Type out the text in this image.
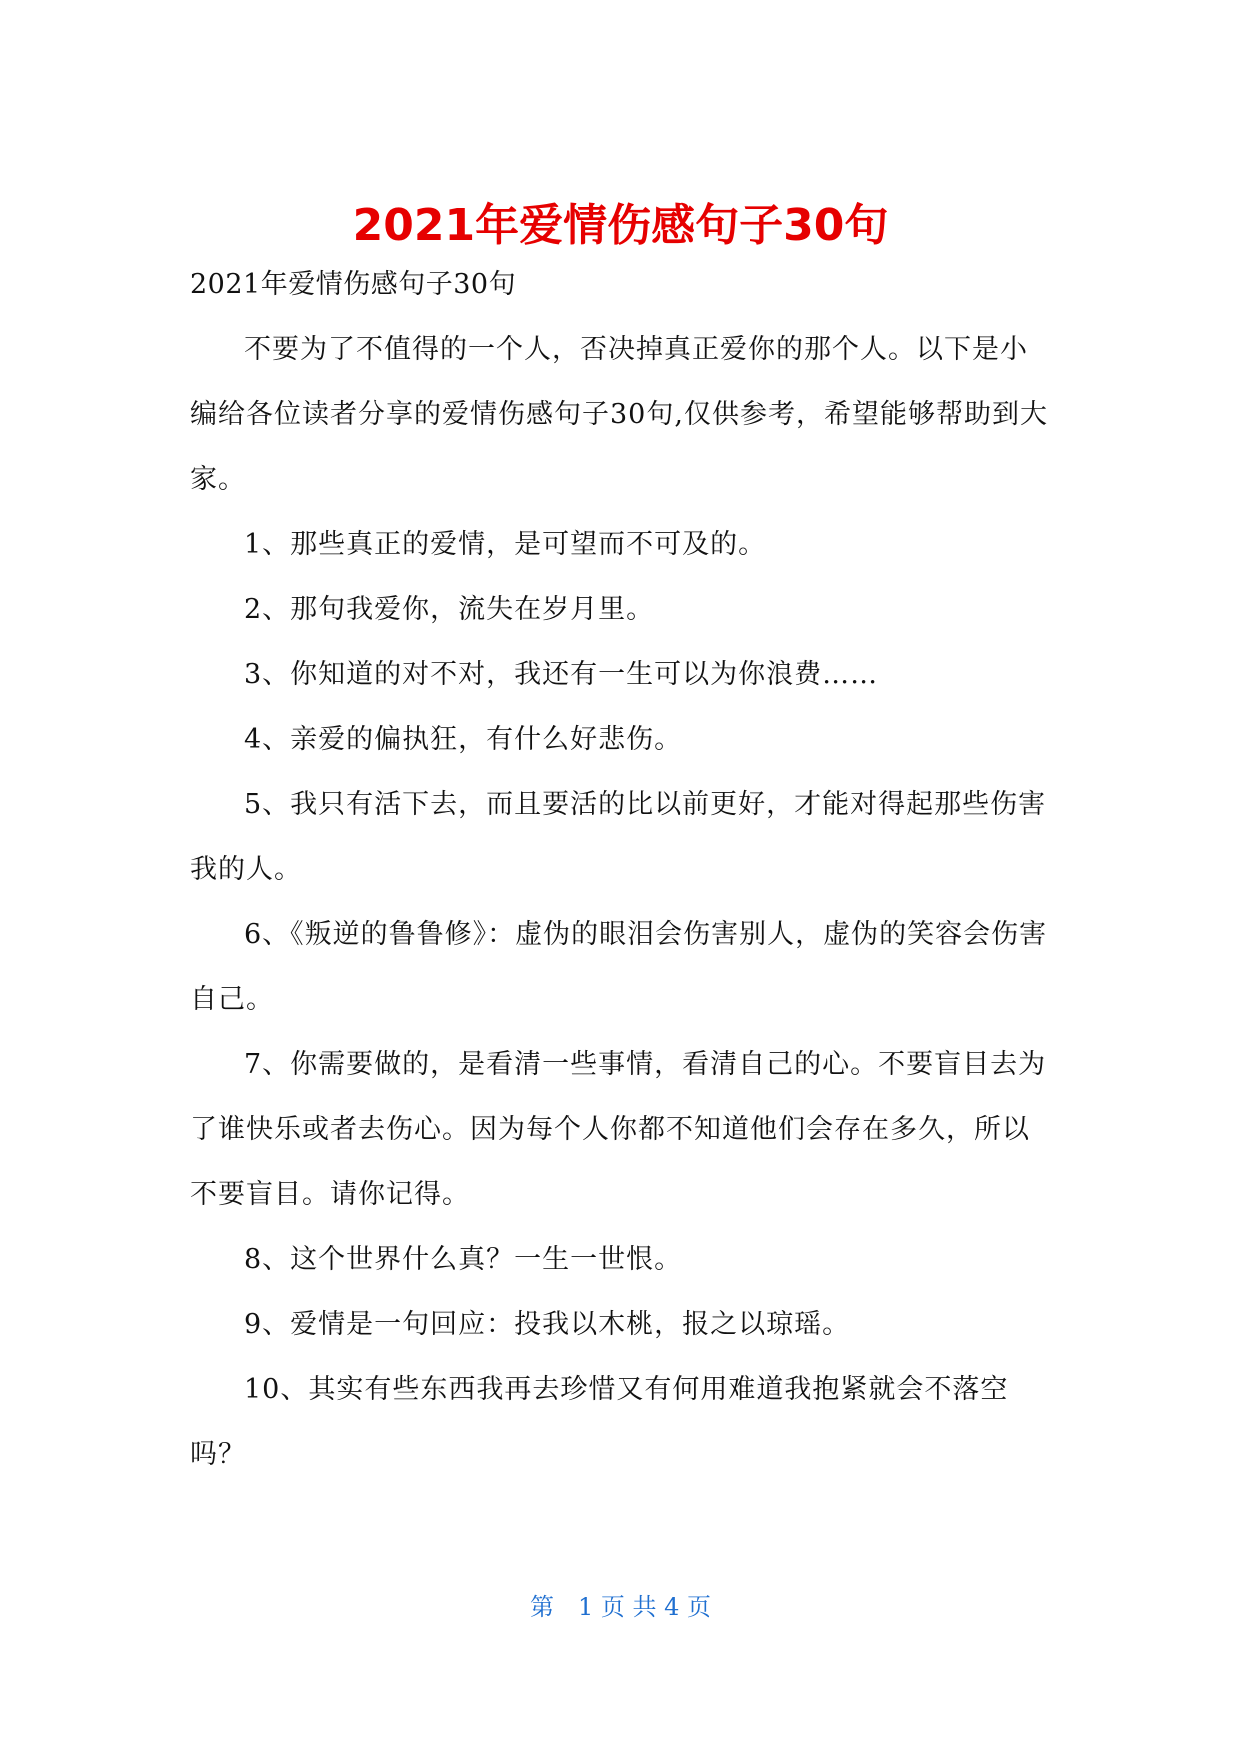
2021年爱情伤感句子30句

2021年爱情伤感句子30句

不要为了不值得的一个人，否决掉真正爱你的那个人。以下是小编给各位读者分享的爱情伤感句子30句,仅供参考，希望能够帮助到大家。

1、那些真正的爱情，是可望而不可及的。

2、那句我爱你，流失在岁月里。

3、你知道的对不对，我还有一生可以为你浪费……

4、亲爱的偏执狂，有什么好悲伤。

5、我只有活下去，而且要活的比以前更好，才能对得起那些伤害我的人。

6、《叛逆的鲁鲁修》：虚伪的眼泪会伤害别人，虚伪的笑容会伤害自己。

7、你需要做的，是看清一些事情，看清自己的心。不要盲目去为了谁快乐或者去伤心。因为每个人你都不知道他们会存在多久，所以不要盲目。请你记得。

8、这个世界什么真？一生一世恨。

9、爱情是一句回应：投我以木桃，报之以琼瑶。

10、其实有些东西我再去珍惜又有何用难道我抱紧就会不落空吗？

第　1 页 共 4 页
